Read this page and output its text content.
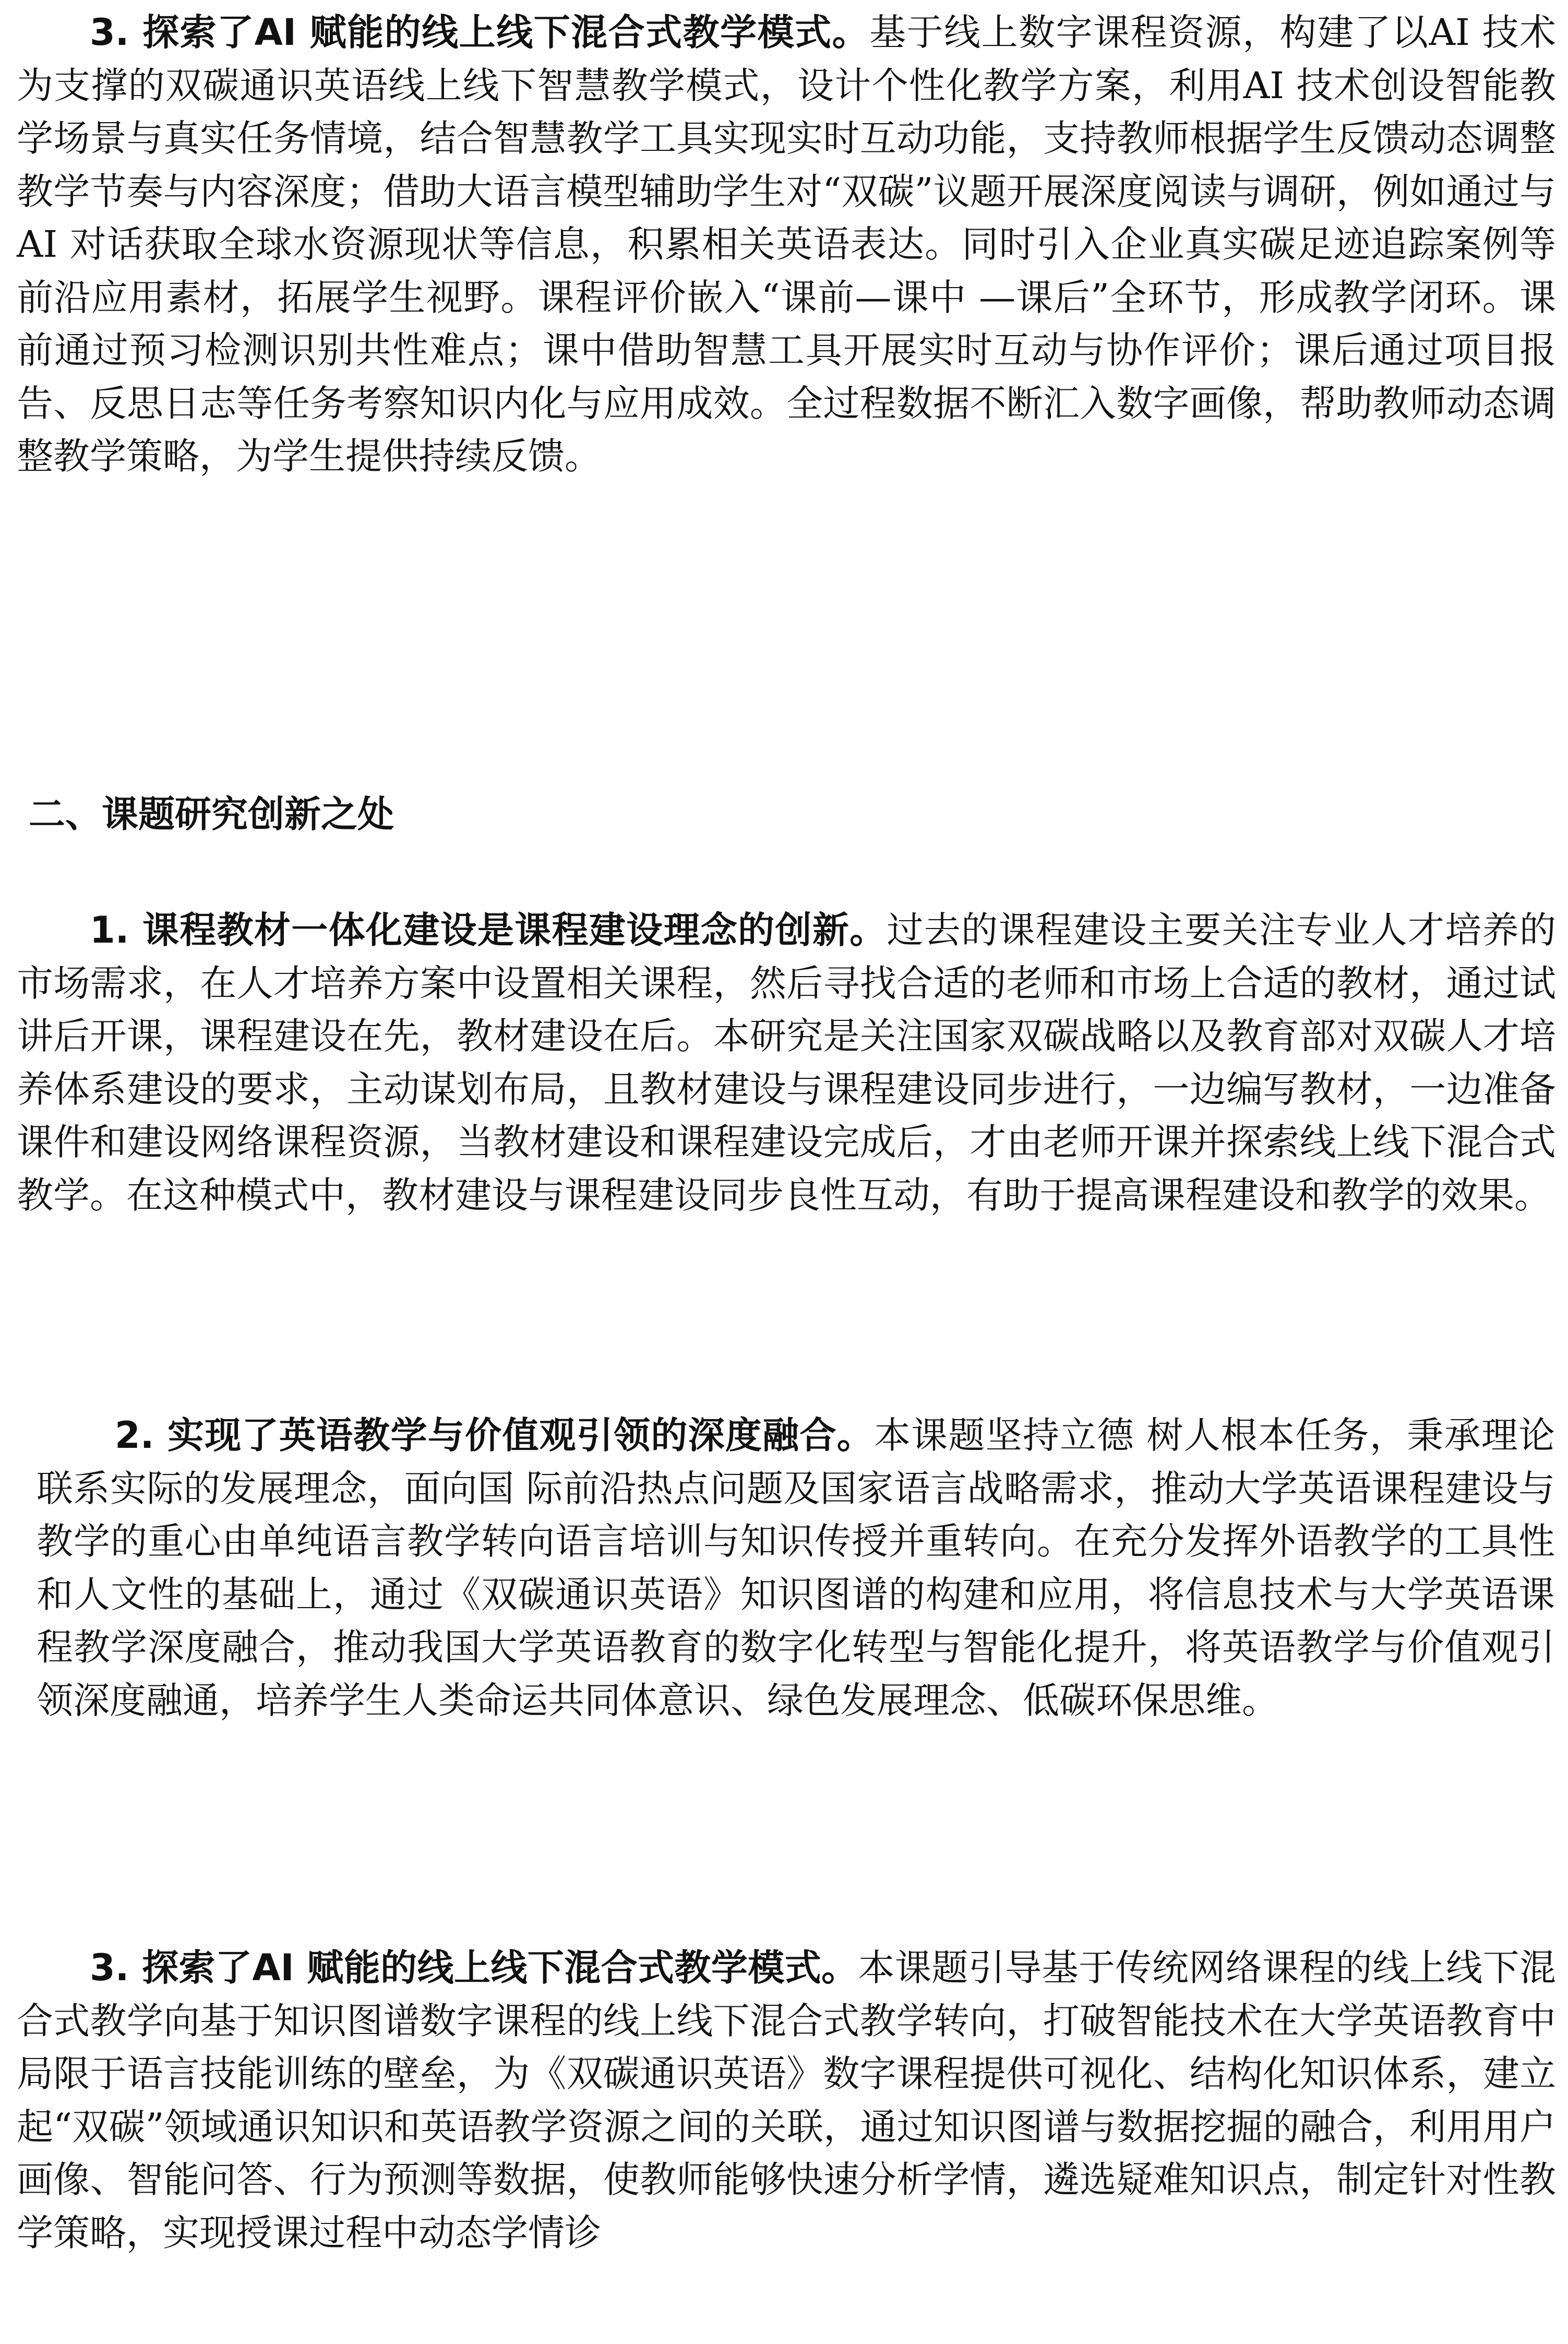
3. 探索了AI 赋能的线上线下混合式教学模式。基于线上数字课程资源，构建了以AI 技术为支撑的双碳通识英语线上线下智慧教学模式，设计个性化教学方案，利用AI 技术创设智能教学场景与真实任务情境，结合智慧教学工具实现实时互动功能，支持教师根据学生反馈动态调整教学节奏与内容深度；借助大语言模型辅助学生对“双碳”议题开展深度阅读与调研，例如通过与AI 对话获取全球水资源现状等信息，积累相关英语表达。同时引入企业真实碳足迹追踪案例等前沿应用素材，拓展学生视野。课程评价嵌入“课前—课中 —课后”全环节，形成教学闭环。课前通过预习检测识别共性难点；课中借助智慧工具开展实时互动与协作评价；课后通过项目报告、反思日志等任务考察知识内化与应用成效。全过程数据不断汇入数字画像，帮助教师动态调整教学策略，为学生提供持续反馈。

二、课题研究创新之处

1. 课程教材一体化建设是课程建设理念的创新。过去的课程建设主要关注专业人才培养的市场需求，在人才培养方案中设置相关课程，然后寻找合适的老师和市场上合适的教材，通过试讲后开课，课程建设在先，教材建设在后。本研究是关注国家双碳战略以及教育部对双碳人才培养体系建设的要求，主动谋划布局，且教材建设与课程建设同步进行，一边编写教材，一边准备课件和建设网络课程资源，当教材建设和课程建设完成后，才由老师开课并探索线上线下混合式教学。在这种模式中，教材建设与课程建设同步良性互动，有助于提高课程建设和教学的效果。

2. 实现了英语教学与价值观引领的深度融合。本课题坚持立德 树人根本任务，秉承理论联系实际的发展理念，面向国 际前沿热点问题及国家语言战略需求，推动大学英语课程建设与教学的重心由单纯语言教学转向语言培训与知识传授并重转向。在充分发挥外语教学的工具性和人文性的基础上，通过《双碳通识英语》知识图谱的构建和应用，将信息技术与大学英语课程教学深度融合，推动我国大学英语教育的数字化转型与智能化提升，将英语教学与价值观引领深度融通，培养学生人类命运共同体意识、绿色发展理念、低碳环保思维。

3. 探索了AI 赋能的线上线下混合式教学模式。本课题引导基于传统网络课程的线上线下混合式教学向基于知识图谱数字课程的线上线下混合式教学转向，打破智能技术在大学英语教育中局限于语言技能训练的壁垒，为《双碳通识英语》数字课程提供可视化、结构化知识体系，建立起“双碳”领域通识知识和英语教学资源之间的关联，通过知识图谱与数据挖掘的融合，利用用户画像、智能问答、行为预测等数据，使教师能够快速分析学情，遴选疑难知识点，制定针对性教学策略，实现授课过程中动态学情诊
